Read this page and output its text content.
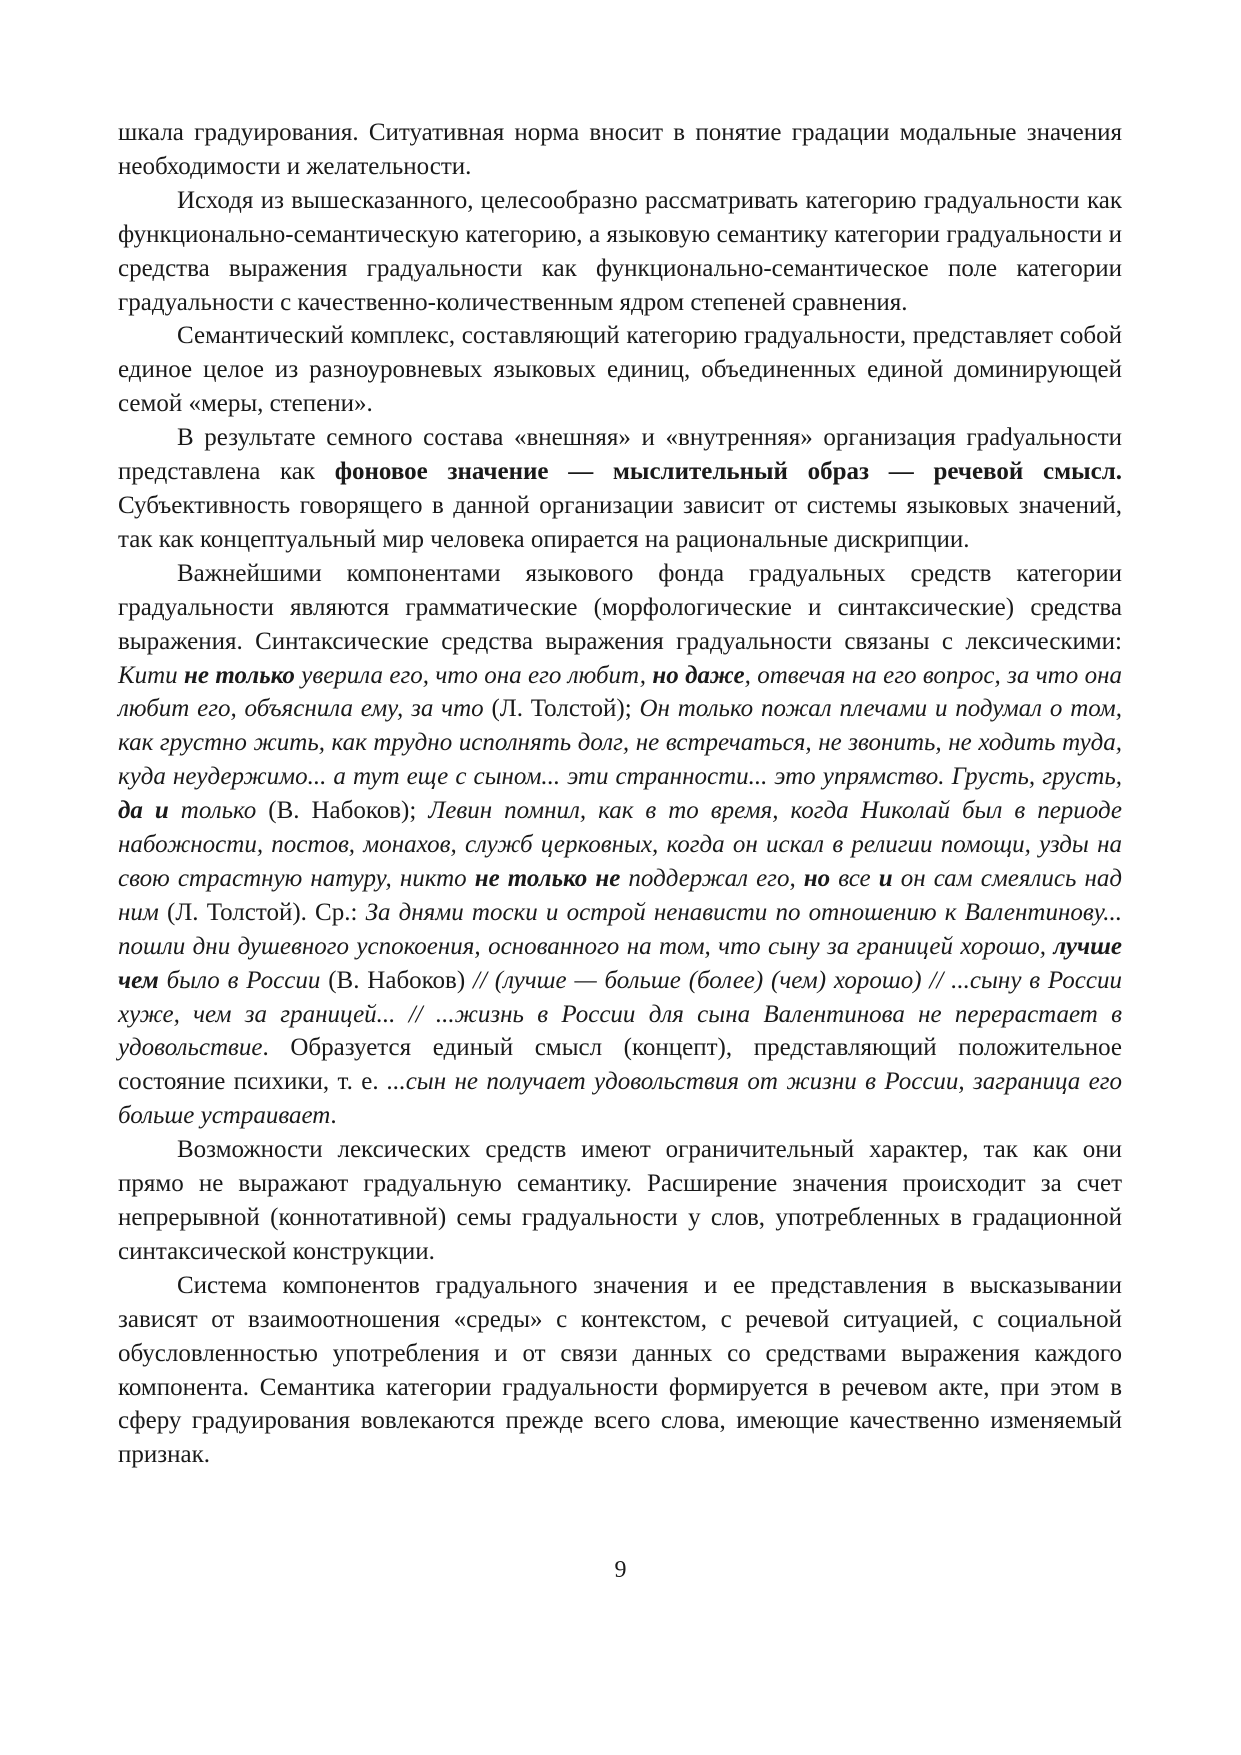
шкала градуирования. Ситуативная норма вносит в понятие градации модальные значения необходимости и желательности.

Исходя из вышесказанного, целесообразно рассматривать категорию градуальности как функционально-семантическую категорию, а языковую семантику категории градуальности и средства выражения градуальности как функционально-семантическое поле категории градуальности с качественно-количественным ядром степеней сравнения.

Семантический комплекс, составляющий категорию градуальности, представляет собой единое целое из разноуровневых языковых единиц, объединенных единой доминирующей семой «меры, степени».

В результате семного состава «внешняя» и «внутренняя» организация граdуальности представлена как фоновое значение — мыслительный образ — речевой смысл. Субъективность говорящего в данной организации зависит от системы языковых значений, так как концептуальный мир человека опирается на рациональные дискрипции.

Важнейшими компонентами языкового фонда градуальных средств категории градуальности являются грамматические (морфологические и синтаксические) средства выражения. Синтаксические средства выражения градуальности связаны с лексическими: Кити не только уверила его, что она его любит, но даже, отвечая на его вопрос, за что она любит его, объяснила ему, за что (Л. Толстой); Он только пожал плечами и подумал о том, как грустно жить, как трудно исполнять долг, не встречаться, не звонить, не ходить туда, куда неудержимо... а тут еще с сыном... эти странности... это упрямство. Грусть, грусть, да и только (В. Набоков); Левин помнил, как в то время, когда Николай был в периоде набожности, постов, монахов, служб церковных, когда он искал в религии помощи, узды на свою страстную натуру, никто не только не поддержал его, но все и он сам смеялись над ним (Л. Толстой). Ср.: За днями тоски и острой ненависти по отношению к Валентинову... пошли дни душевного успокоения, основанного на том, что сыну за границей хорошо, лучше чем было в России (В. Набоков) // (лучше — больше (более) (чем) хорошо) // ...сыну в России хуже, чем за границей... // ...жизнь в России для сына Валентинова не перерастает в удовольствие. Образуется единый смысл (концепт), представляющий положительное состояние психики, т. е. ...сын не получает удовольствия от жизни в России, заграница его больше устраивает.

Возможности лексических средств имеют ограничительный характер, так как они прямо не выражают градуальную семантику. Расширение значения происходит за счет непрерывной (коннотативной) семы градуальности у слов, употребленных в градационной синтаксической конструкции.

Система компонентов градуального значения и ее представления в высказывании зависят от взаимоотношения «среды» с контекстом, с речевой ситуацией, с социальной обусловленностью употребления и от связи данных со средствами выражения каждого компонента. Семантика категории градуальности формируется в речевом акте, при этом в сферу градуирования вовлекаются прежде всего слова, имеющие качественно изменяемый признак.

9
